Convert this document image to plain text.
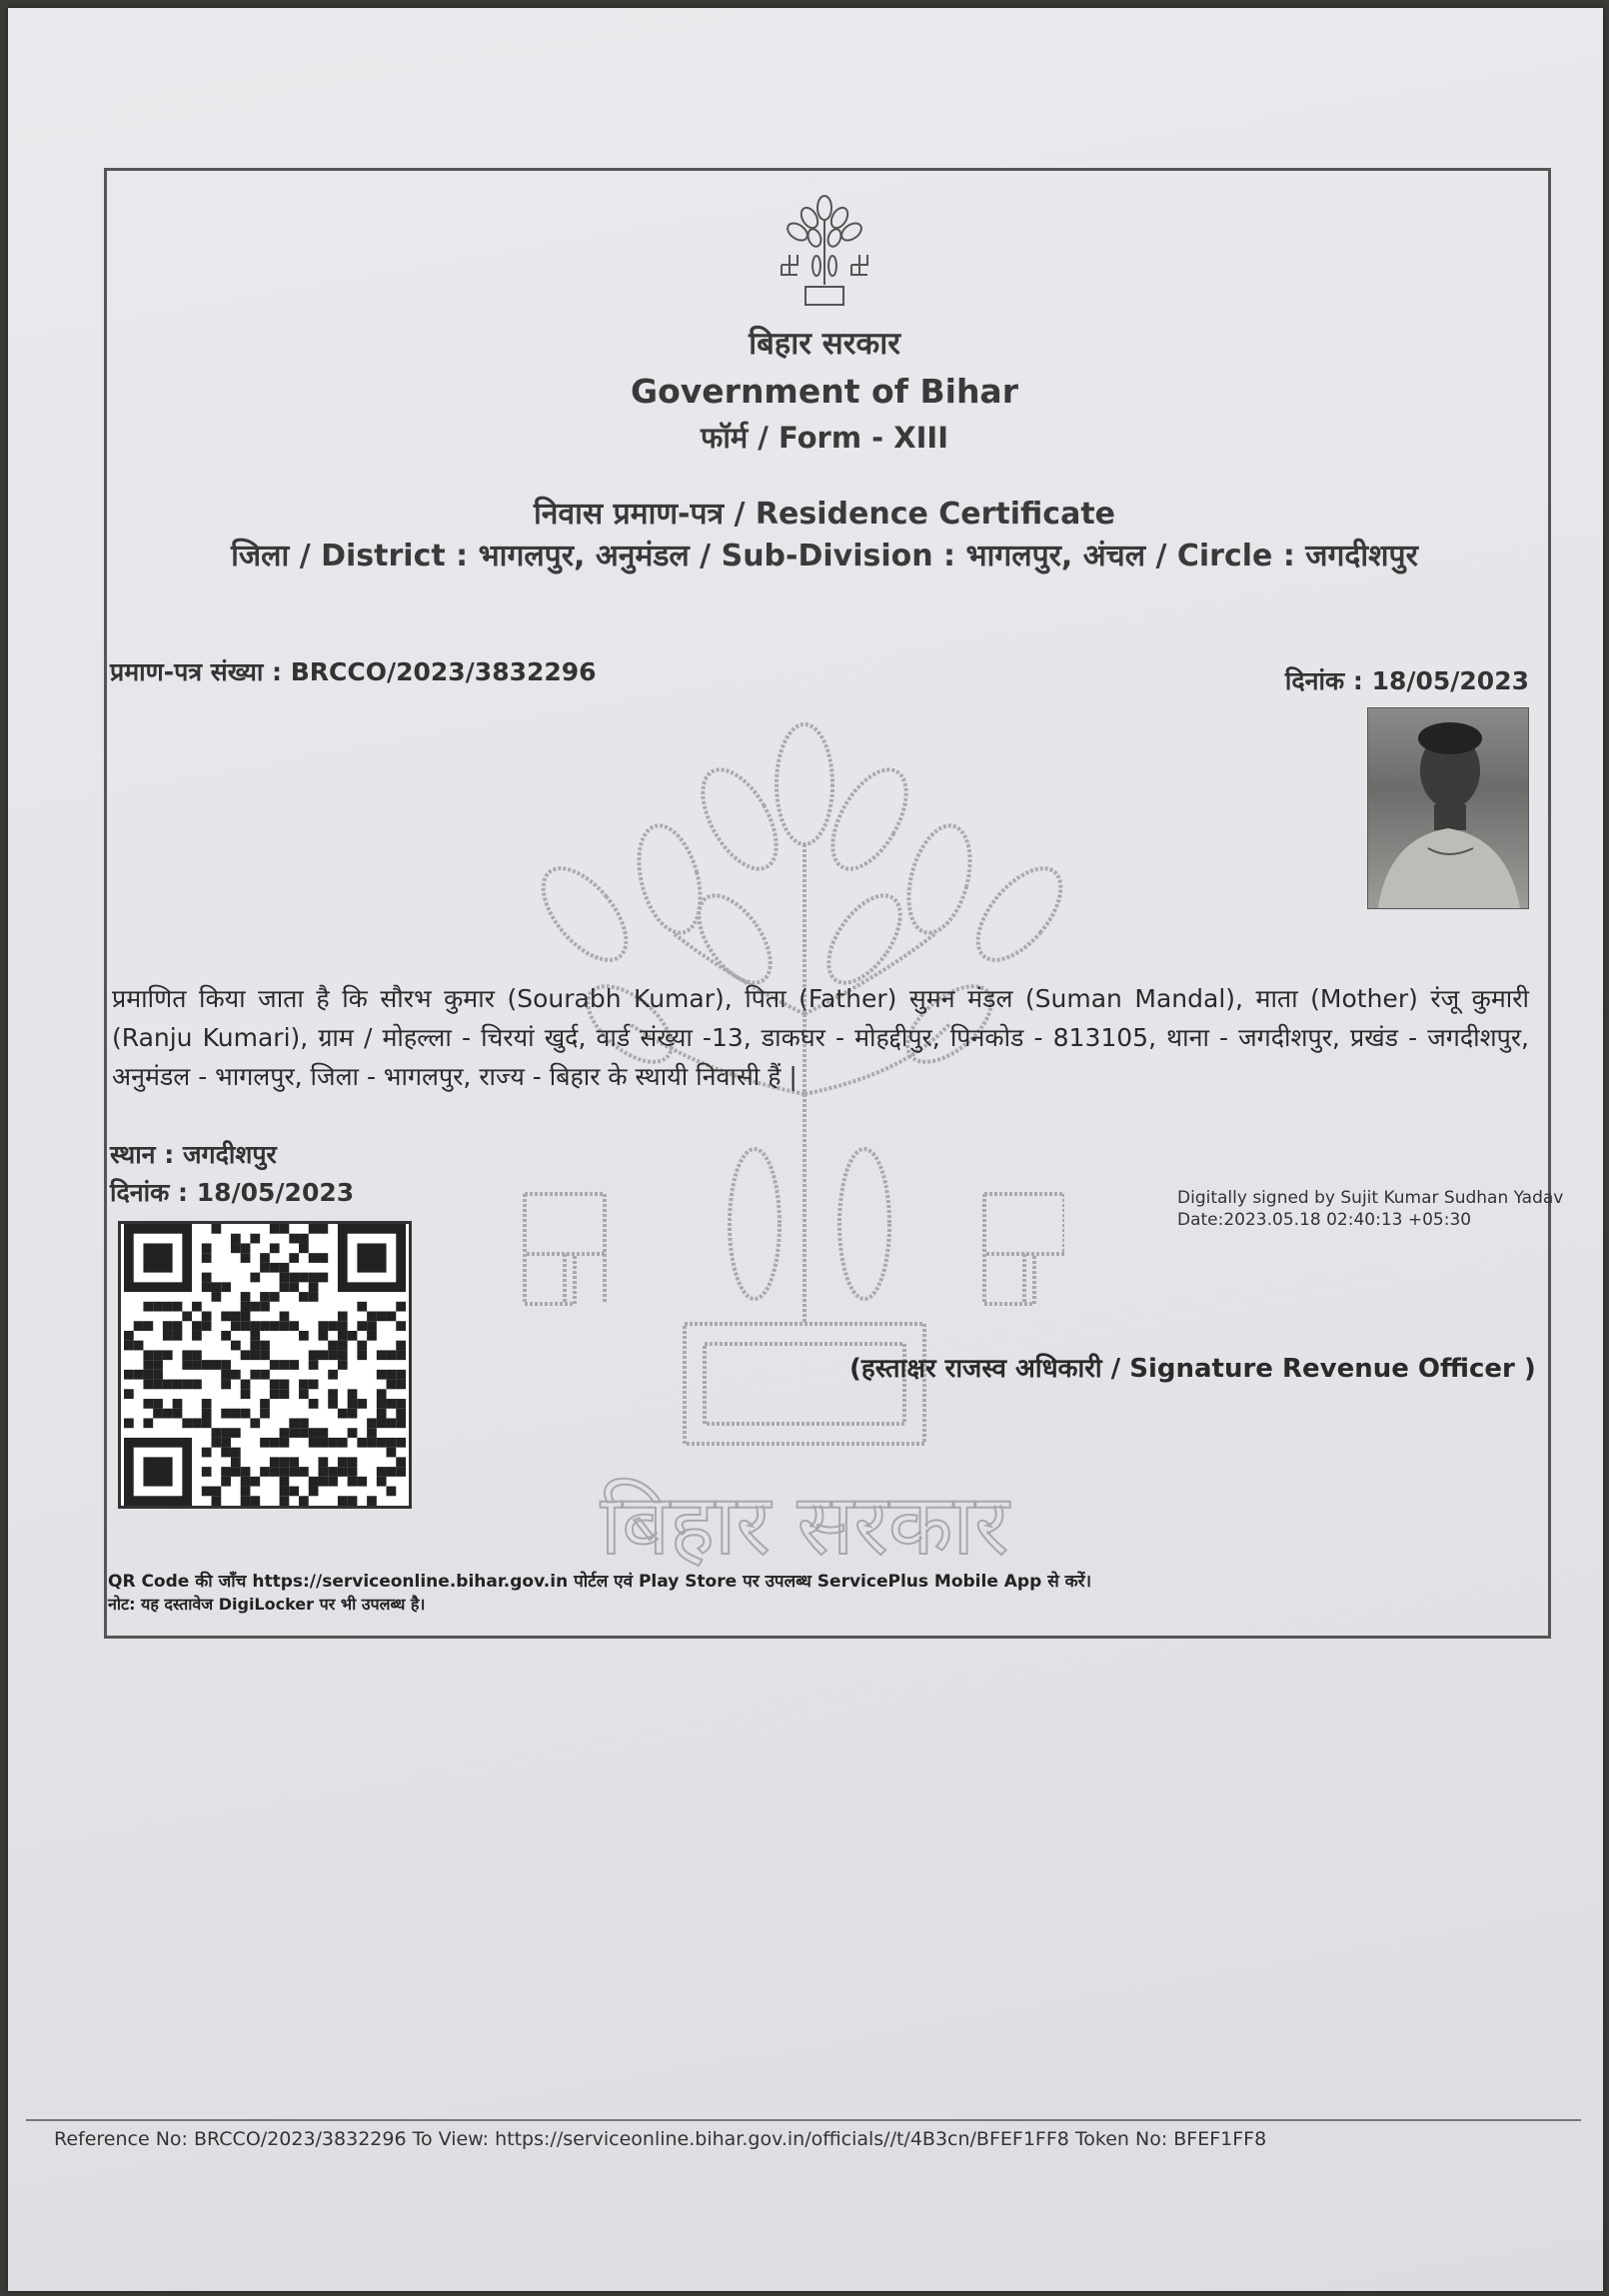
बिहार सरकार
Government of Bihar
फॉर्म / Form - XIII
निवास प्रमाण-पत्र / Residence Certificate
जिला / District : भागलपुर, अनुमंडल / Sub-Division : भागलपुर, अंचल / Circle : जगदीशपुर
प्रमाण-पत्र संख्या : BRCCO/2023/3832296	दिनांक : 18/05/2023
बिहार सरकार
प्रमाणित किया जाता है कि सौरभ कुमार (Sourabh Kumar), पिता (Father) सुमन मंडल (Suman Mandal), माता (Mother) रंजू कुमारी (Ranju Kumari), ग्राम / मोहल्ला - चिरयां खुर्द, वार्ड संख्या -13, डाकघर - मोहद्दीपुर, पिनकोड - 813105, थाना - जगदीशपुर, प्रखंड - जगदीशपुर, अनुमंडल - भागलपुर, जिला - भागलपुर, राज्य - बिहार के स्थायी निवासी हैं |
स्थान : जगदीशपुर
दिनांक : 18/05/2023	Digitally signed by Sujit Kumar Sudhan Yadav
Date:2023.05.18 02:40:13 +05:30
(हस्ताक्षर राजस्व अधिकारी / Signature Revenue Officer )
QR Code की जाँच https://serviceonline.bihar.gov.in पोर्टल एवं Play Store पर उपलब्ध ServicePlus Mobile App से करें।
नोट: यह दस्तावेज DigiLocker पर भी उपलब्ध है।
Reference No: BRCCO/2023/3832296 To View: https://serviceonline.bihar.gov.in/officials//t/4B3cn/BFEF1FF8 Token No: BFEF1FF8
